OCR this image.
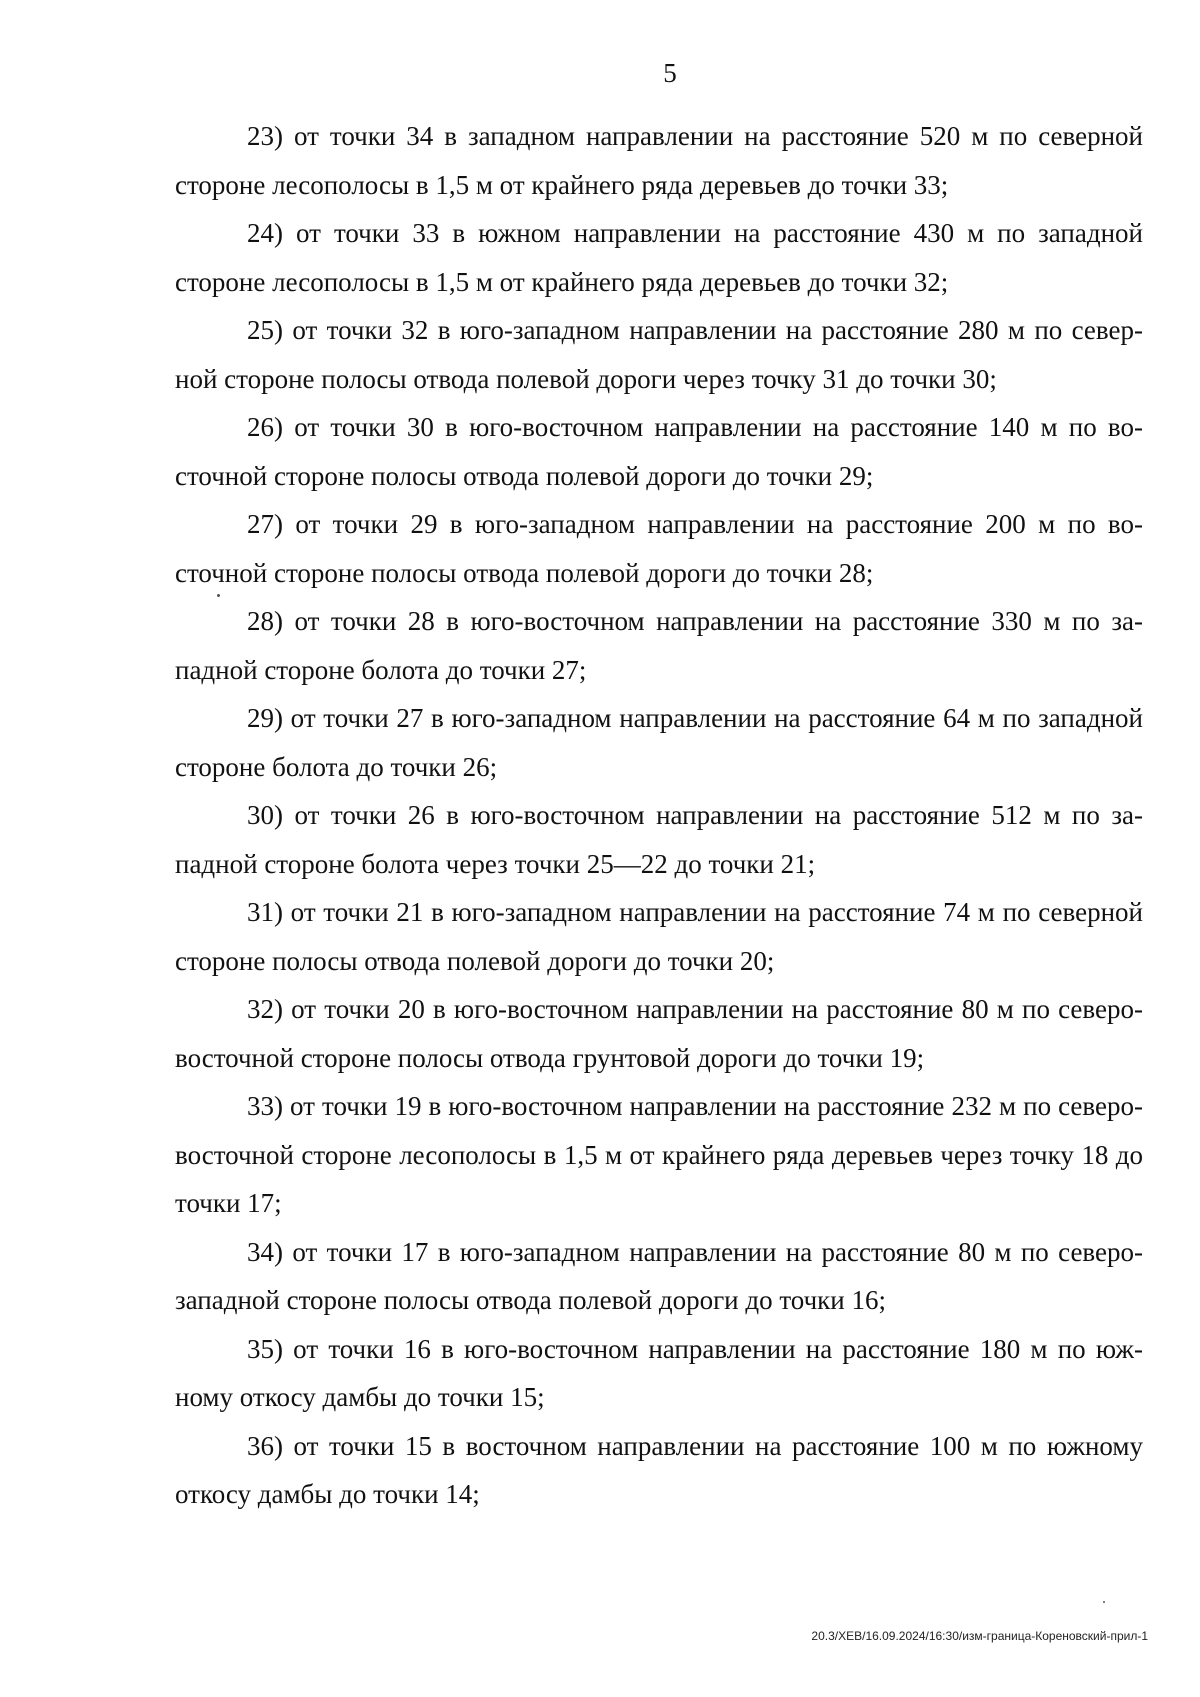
5

23) от точки 34 в западном направлении на расстояние 520 м по северной стороне лесополосы в 1,5 м от крайнего ряда деревьев до точки 33;

24) от точки 33 в южном направлении на расстояние 430 м по западной стороне лесополосы в 1,5 м от крайнего ряда деревьев до точки 32;

25) от точки 32 в юго-западном направлении на расстояние 280 м по северной стороне полосы отвода полевой дороги через точку 31 до точки 30;

26) от точки 30 в юго-восточном направлении на расстояние 140 м по восточной стороне полосы отвода полевой дороги до точки 29;

27) от точки 29 в юго-западном направлении на расстояние 200 м по восточной стороне полосы отвода полевой дороги до точки 28;

28) от точки 28 в юго-восточном направлении на расстояние 330 м по западной стороне болота до точки 27;

29) от точки 27 в юго-западном направлении на расстояние 64 м по западной стороне болота до точки 26;

30) от точки 26 в юго-восточном направлении на расстояние 512 м по западной стороне болота через точки 25—22 до точки 21;

31) от точки 21 в юго-западном направлении на расстояние 74 м по северной стороне полосы отвода полевой дороги до точки 20;

32) от точки 20 в юго-восточном направлении на расстояние 80 м по северо-восточной стороне полосы отвода грунтовой дороги до точки 19;

33) от точки 19 в юго-восточном направлении на расстояние 232 м по северо-восточной стороне лесополосы в 1,5 м от крайнего ряда деревьев через точку 18 до точки 17;

34) от точки 17 в юго-западном направлении на расстояние 80 м по северо-западной стороне полосы отвода полевой дороги до точки 16;

35) от точки 16 в юго-восточном направлении на расстояние 180 м по южному откосу дамбы до точки 15;

36) от точки 15 в восточном направлении на расстояние 100 м по южному откосу дамбы до точки 14;

20.3/ХЕВ/16.09.2024/16:30/изм-граница-Кореновский-прил-1
